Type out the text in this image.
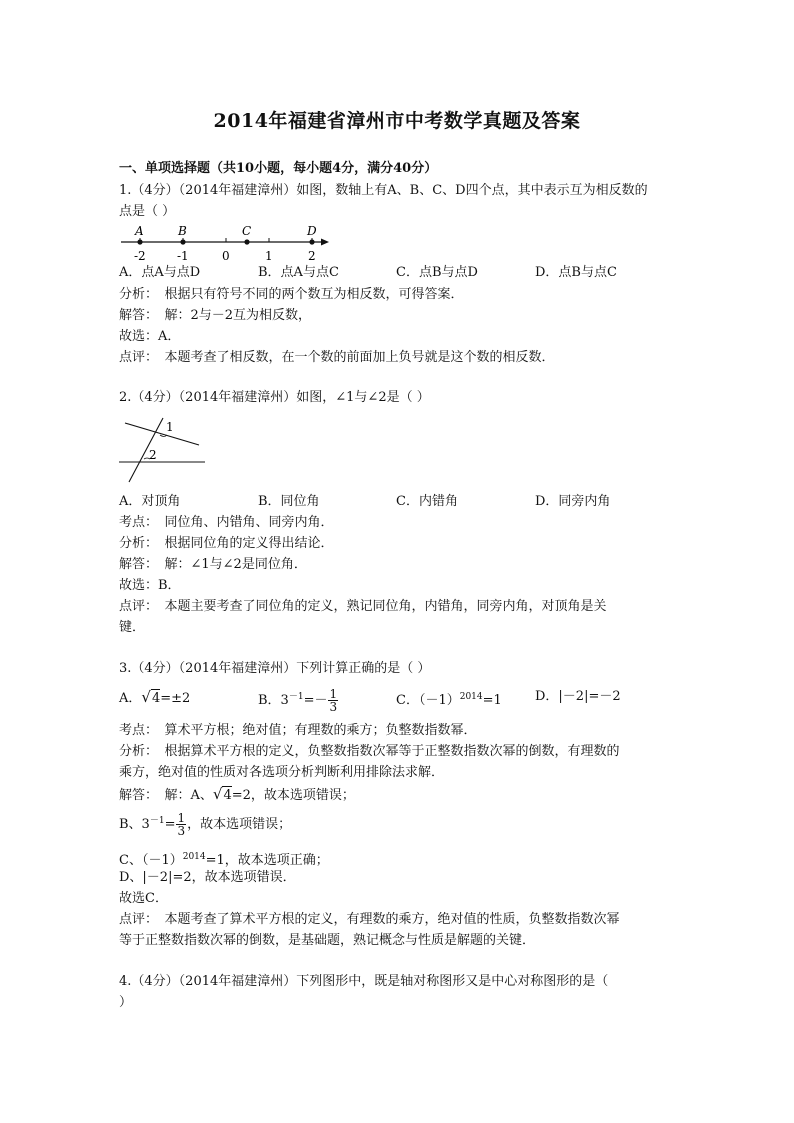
2014年福建省漳州市中考数学真题及答案
一、单项选择题（共10小题，每小题4分，满分40分）
1.（4分）（2014年福建漳州）如图，数轴上有A、B、C、D四个点，其中表示互为相反数的
点是（ ）
A	B	C	D
-2	-1	0	1	2
A．点A与点D	B．点A与点C	C．点B与点D	D．点B与点C
分析：　根据只有符号不同的两个数互为相反数，可得答案．
解答：　解：2与－2互为相反数，
故选：A．
点评：　本题考查了相反数，在一个数的前面加上负号就是这个数的相反数．
2.（4分）（2014年福建漳州）如图，∠1与∠2是（ ）
1
2
A．对顶角	B．同位角	C．内错角	D．同旁内角
考点：　同位角、内错角、同旁内角．
分析：　根据同位角的定义得出结论．
解答：　解：∠1与∠2是同位角．
故选：B．
点评：　本题主要考查了同位角的定义，熟记同位角，内错角，同旁内角，对顶角是关
键．
3.（4分）（2014年福建漳州）下列计算正确的是（ ）
A．√4=±2	B．$3^{-1}=- \frac{1}{3}$	C．$(-1)^{2014}=1$	D．|－2|=－2
考点：　算术平方根；绝对值；有理数的乘方；负整数指数幂．
分析：　根据算术平方根的定义，负整数指数次幂等于正整数指数次幂的倒数，有理数的
乘方，绝对值的性质对各选项分析判断利用排除法求解．
解答：　解：A、√4=2，故本选项错误；
B、$3^{-1}= \frac{1}{3}$ ，故本选项错误；
C、$(-1)^{2014}=1$，故本选项正确；
D、|－2|=2，故本选项错误．
故选C．
点评：　本题考查了算术平方根的定义，有理数的乘方，绝对值的性质，负整数指数次幂
等于正整数指数次幂的倒数，是基础题，熟记概念与性质是解题的关键．
4.（4分）（2014年福建漳州）下列图形中，既是轴对称图形又是中心对称图形的是（
）
